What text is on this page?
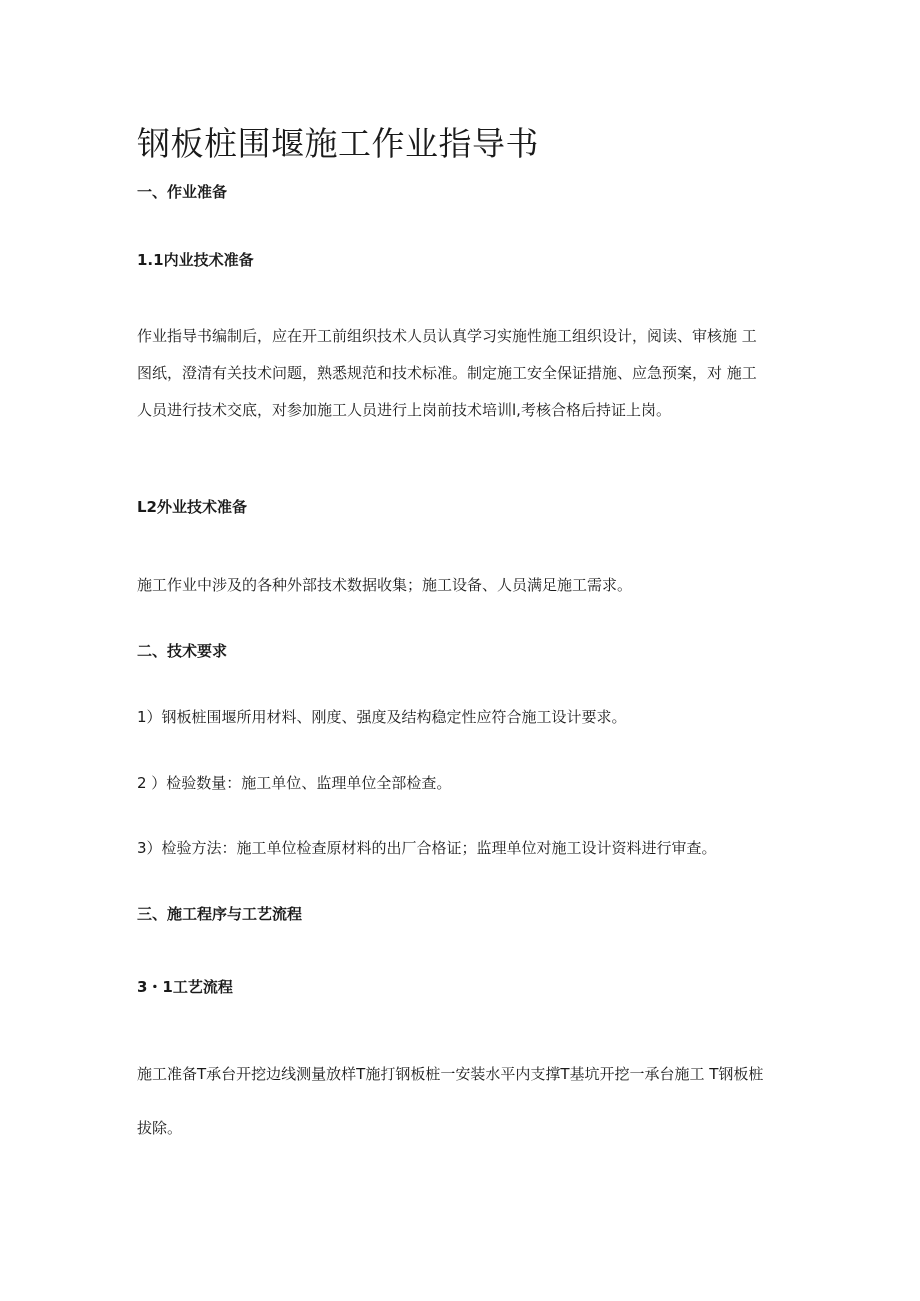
钢板桩围堰施工作业指导书
一、作业准备
1.1内业技术准备
作业指导书编制后，应在开工前组织技术人员认真学习实施性施工组织设计，阅读、审核施 工
图纸，澄清有关技术问题，熟悉规范和技术标准。制定施工安全保证措施、应急预案，对 施工
人员进行技术交底，对参加施工人员进行上岗前技术培训l,考核合格后持证上岗。
L2外业技术准备

施工作业中涉及的各种外部技术数据收集；施工设备、人员满足施工需求。

二、技术要求

1）钢板桩围堰所用材料、刚度、强度及结构稳定性应符合施工设计要求。

2 ）检验数量：施工单位、监理单位全部检查。

3）检验方法：施工单位检查原材料的出厂合格证；监理单位对施工设计资料进行审查。

三、施工程序与工艺流程
3・1工艺流程
施工准备T承台开挖边线测量放样T施打钢板桩一安装水平内支撑T基坑开挖一承台施工 T钢板桩
拔除。
